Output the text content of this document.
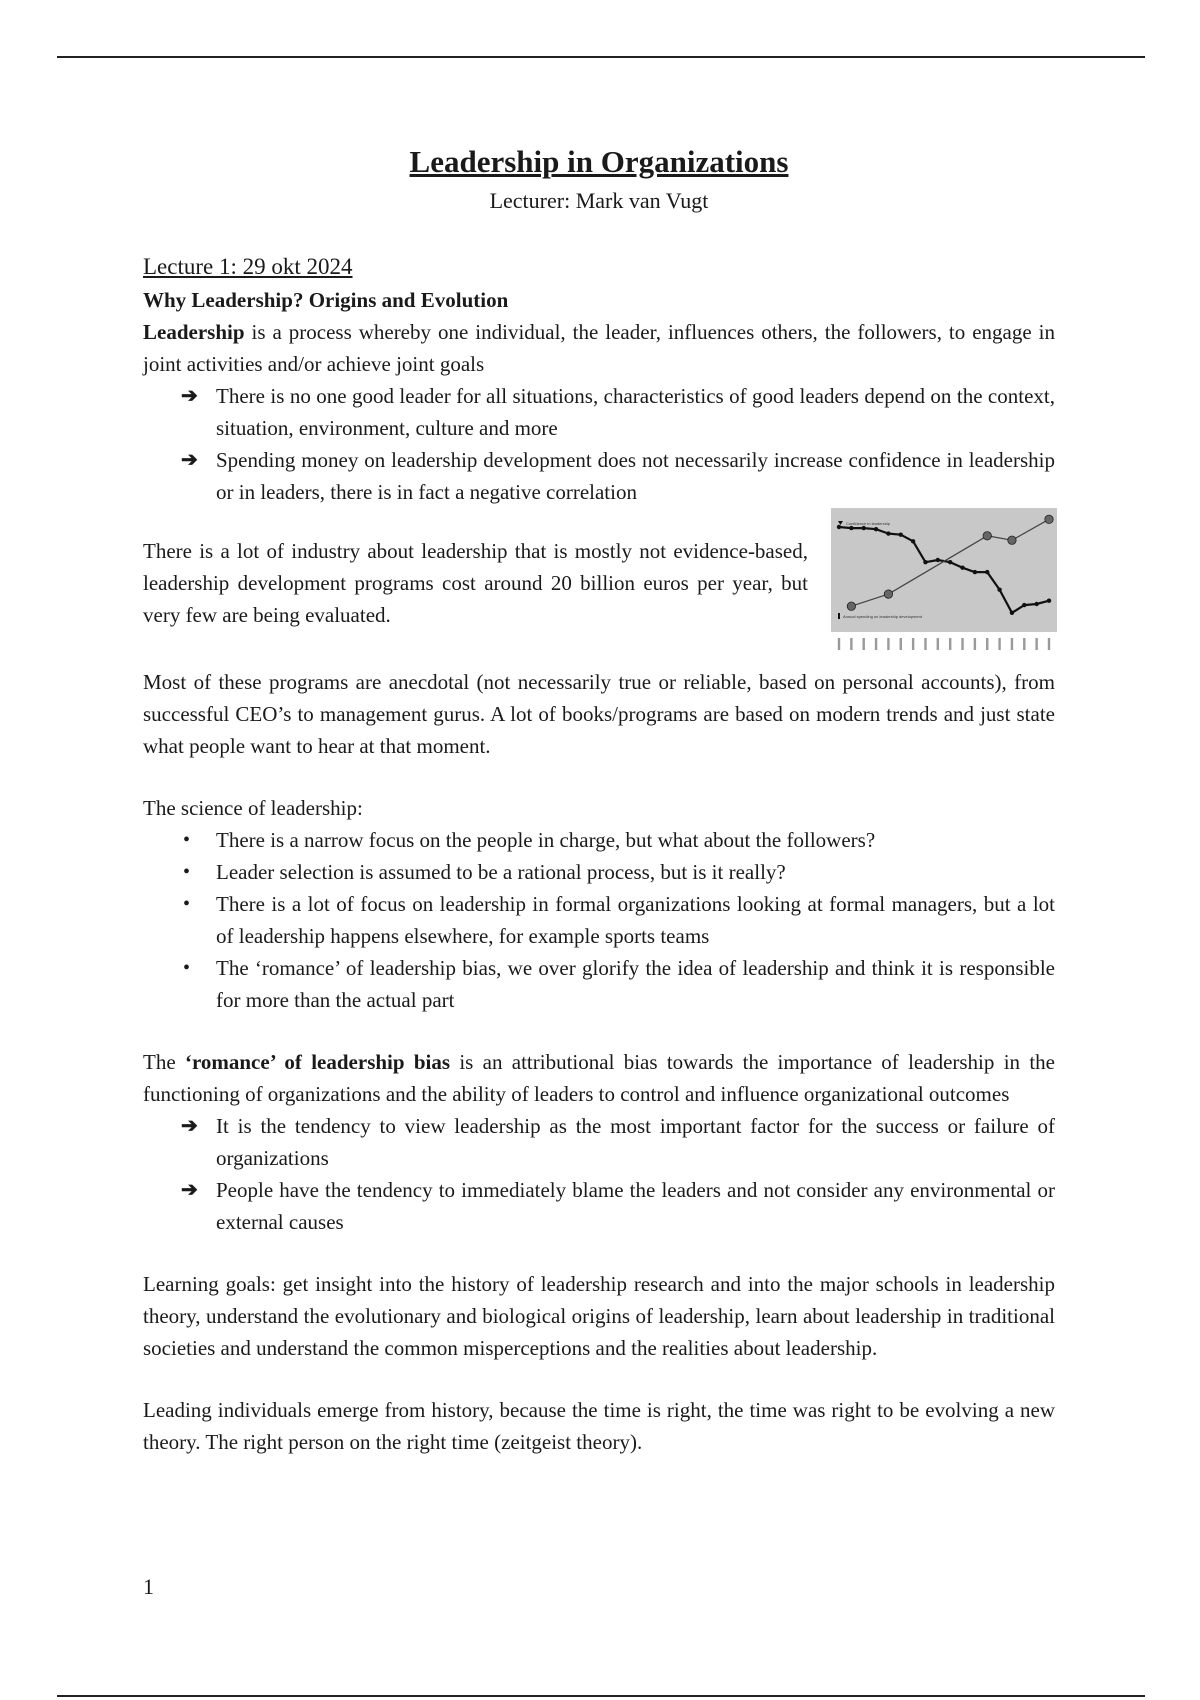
Leadership in Organizations
Lecturer: Mark van Vugt

Lecture 1: 29 okt 2024

Why Leadership? Origins and Evolution

Leadership is a process whereby one individual, the leader, influences others, the followers, to engage in joint activities and/or achieve joint goals

➔ There is no one good leader for all situations, characteristics of good leaders depend on the context, situation, environment, culture and more
➔ Spending money on leadership development does not necessarily increase confidence in leadership or in leaders, there is in fact a negative correlation

There is a lot of industry about leadership that is mostly not evidence-based, leadership development programs cost around 20 billion euros per year, but very few are being evaluated.

Confidence in leadership
Annual spending on leadership development

Most of these programs are anecdotal (not necessarily true or reliable, based on personal accounts), from successful CEO’s to management gurus. A lot of books/programs are based on modern trends and just state what people want to hear at that moment.

The science of leadership:

• There is a narrow focus on the people in charge, but what about the followers?
• Leader selection is assumed to be a rational process, but is it really?
• There is a lot of focus on leadership in formal organizations looking at formal managers, but a lot of leadership happens elsewhere, for example sports teams
• The ‘romance’ of leadership bias, we over glorify the idea of leadership and think it is responsible for more than the actual part

The ‘romance’ of leadership bias is an attributional bias towards the importance of leadership in the functioning of organizations and the ability of leaders to control and influence organizational outcomes

➔ It is the tendency to view leadership as the most important factor for the success or failure of organizations
➔ People have the tendency to immediately blame the leaders and not consider any environmental or external causes

Learning goals: get insight into the history of leadership research and into the major schools in leadership theory, understand the evolutionary and biological origins of leadership, learn about leadership in traditional societies and understand the common misperceptions and the realities about leadership.

Leading individuals emerge from history, because the time is right, the time was right to be evolving a new theory. The right person on the right time (zeitgeist theory).

1
